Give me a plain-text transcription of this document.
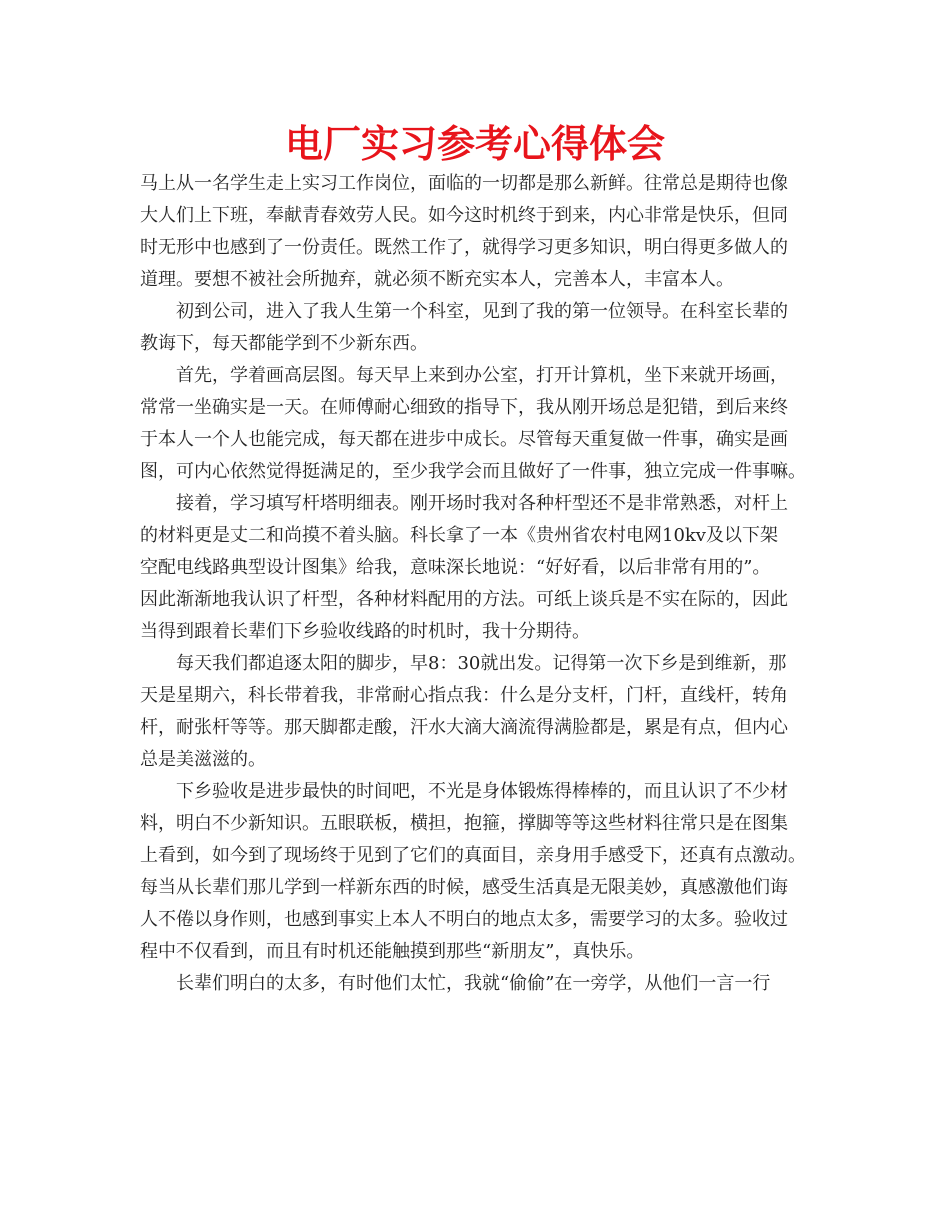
电厂实习参考心得体会
马上从一名学生走上实习工作岗位，面临的一切都是那么新鲜。往常总是期待也像
大人们上下班，奉献青春效劳人民。如今这时机终于到来，内心非常是快乐，但同
时无形中也感到了一份责任。既然工作了，就得学习更多知识，明白得更多做人的
道理。要想不被社会所抛弃，就必须不断充实本人，完善本人，丰富本人。
初到公司，进入了我人生第一个科室，见到了我的第一位领导。在科室长辈的
教诲下，每天都能学到不少新东西。
首先，学着画高层图。每天早上来到办公室，打开计算机，坐下来就开场画，
常常一坐确实是一天。在师傅耐心细致的指导下，我从刚开场总是犯错，到后来终
于本人一个人也能完成，每天都在进步中成长。尽管每天重复做一件事，确实是画
图，可内心依然觉得挺满足的，至少我学会而且做好了一件事，独立完成一件事嘛。
接着，学习填写杆塔明细表。刚开场时我对各种杆型还不是非常熟悉，对杆上
的材料更是丈二和尚摸不着头脑。科长拿了一本《贵州省农村电网10kv及以下架
空配电线路典型设计图集》给我，意味深长地说：“好好看，以后非常有用的”。
因此渐渐地我认识了杆型，各种材料配用的方法。可纸上谈兵是不实在际的，因此
当得到跟着长辈们下乡验收线路的时机时，我十分期待。
每天我们都追逐太阳的脚步，早8：30就出发。记得第一次下乡是到维新，那
天是星期六，科长带着我，非常耐心指点我：什么是分支杆，门杆，直线杆，转角
杆，耐张杆等等。那天脚都走酸，汗水大滴大滴流得满脸都是，累是有点，但内心
总是美滋滋的。
下乡验收是进步最快的时间吧，不光是身体锻炼得棒棒的，而且认识了不少材
料，明白不少新知识。五眼联板，横担，抱箍，撑脚等等这些材料往常只是在图集
上看到，如今到了现场终于见到了它们的真面目，亲身用手感受下，还真有点激动。
每当从长辈们那儿学到一样新东西的时候，感受生活真是无限美妙，真感激他们诲
人不倦以身作则，也感到事实上本人不明白的地点太多，需要学习的太多。验收过
程中不仅看到，而且有时机还能触摸到那些“新朋友”，真快乐。
长辈们明白的太多，有时他们太忙，我就“偷偷”在一旁学，从他们一言一行
